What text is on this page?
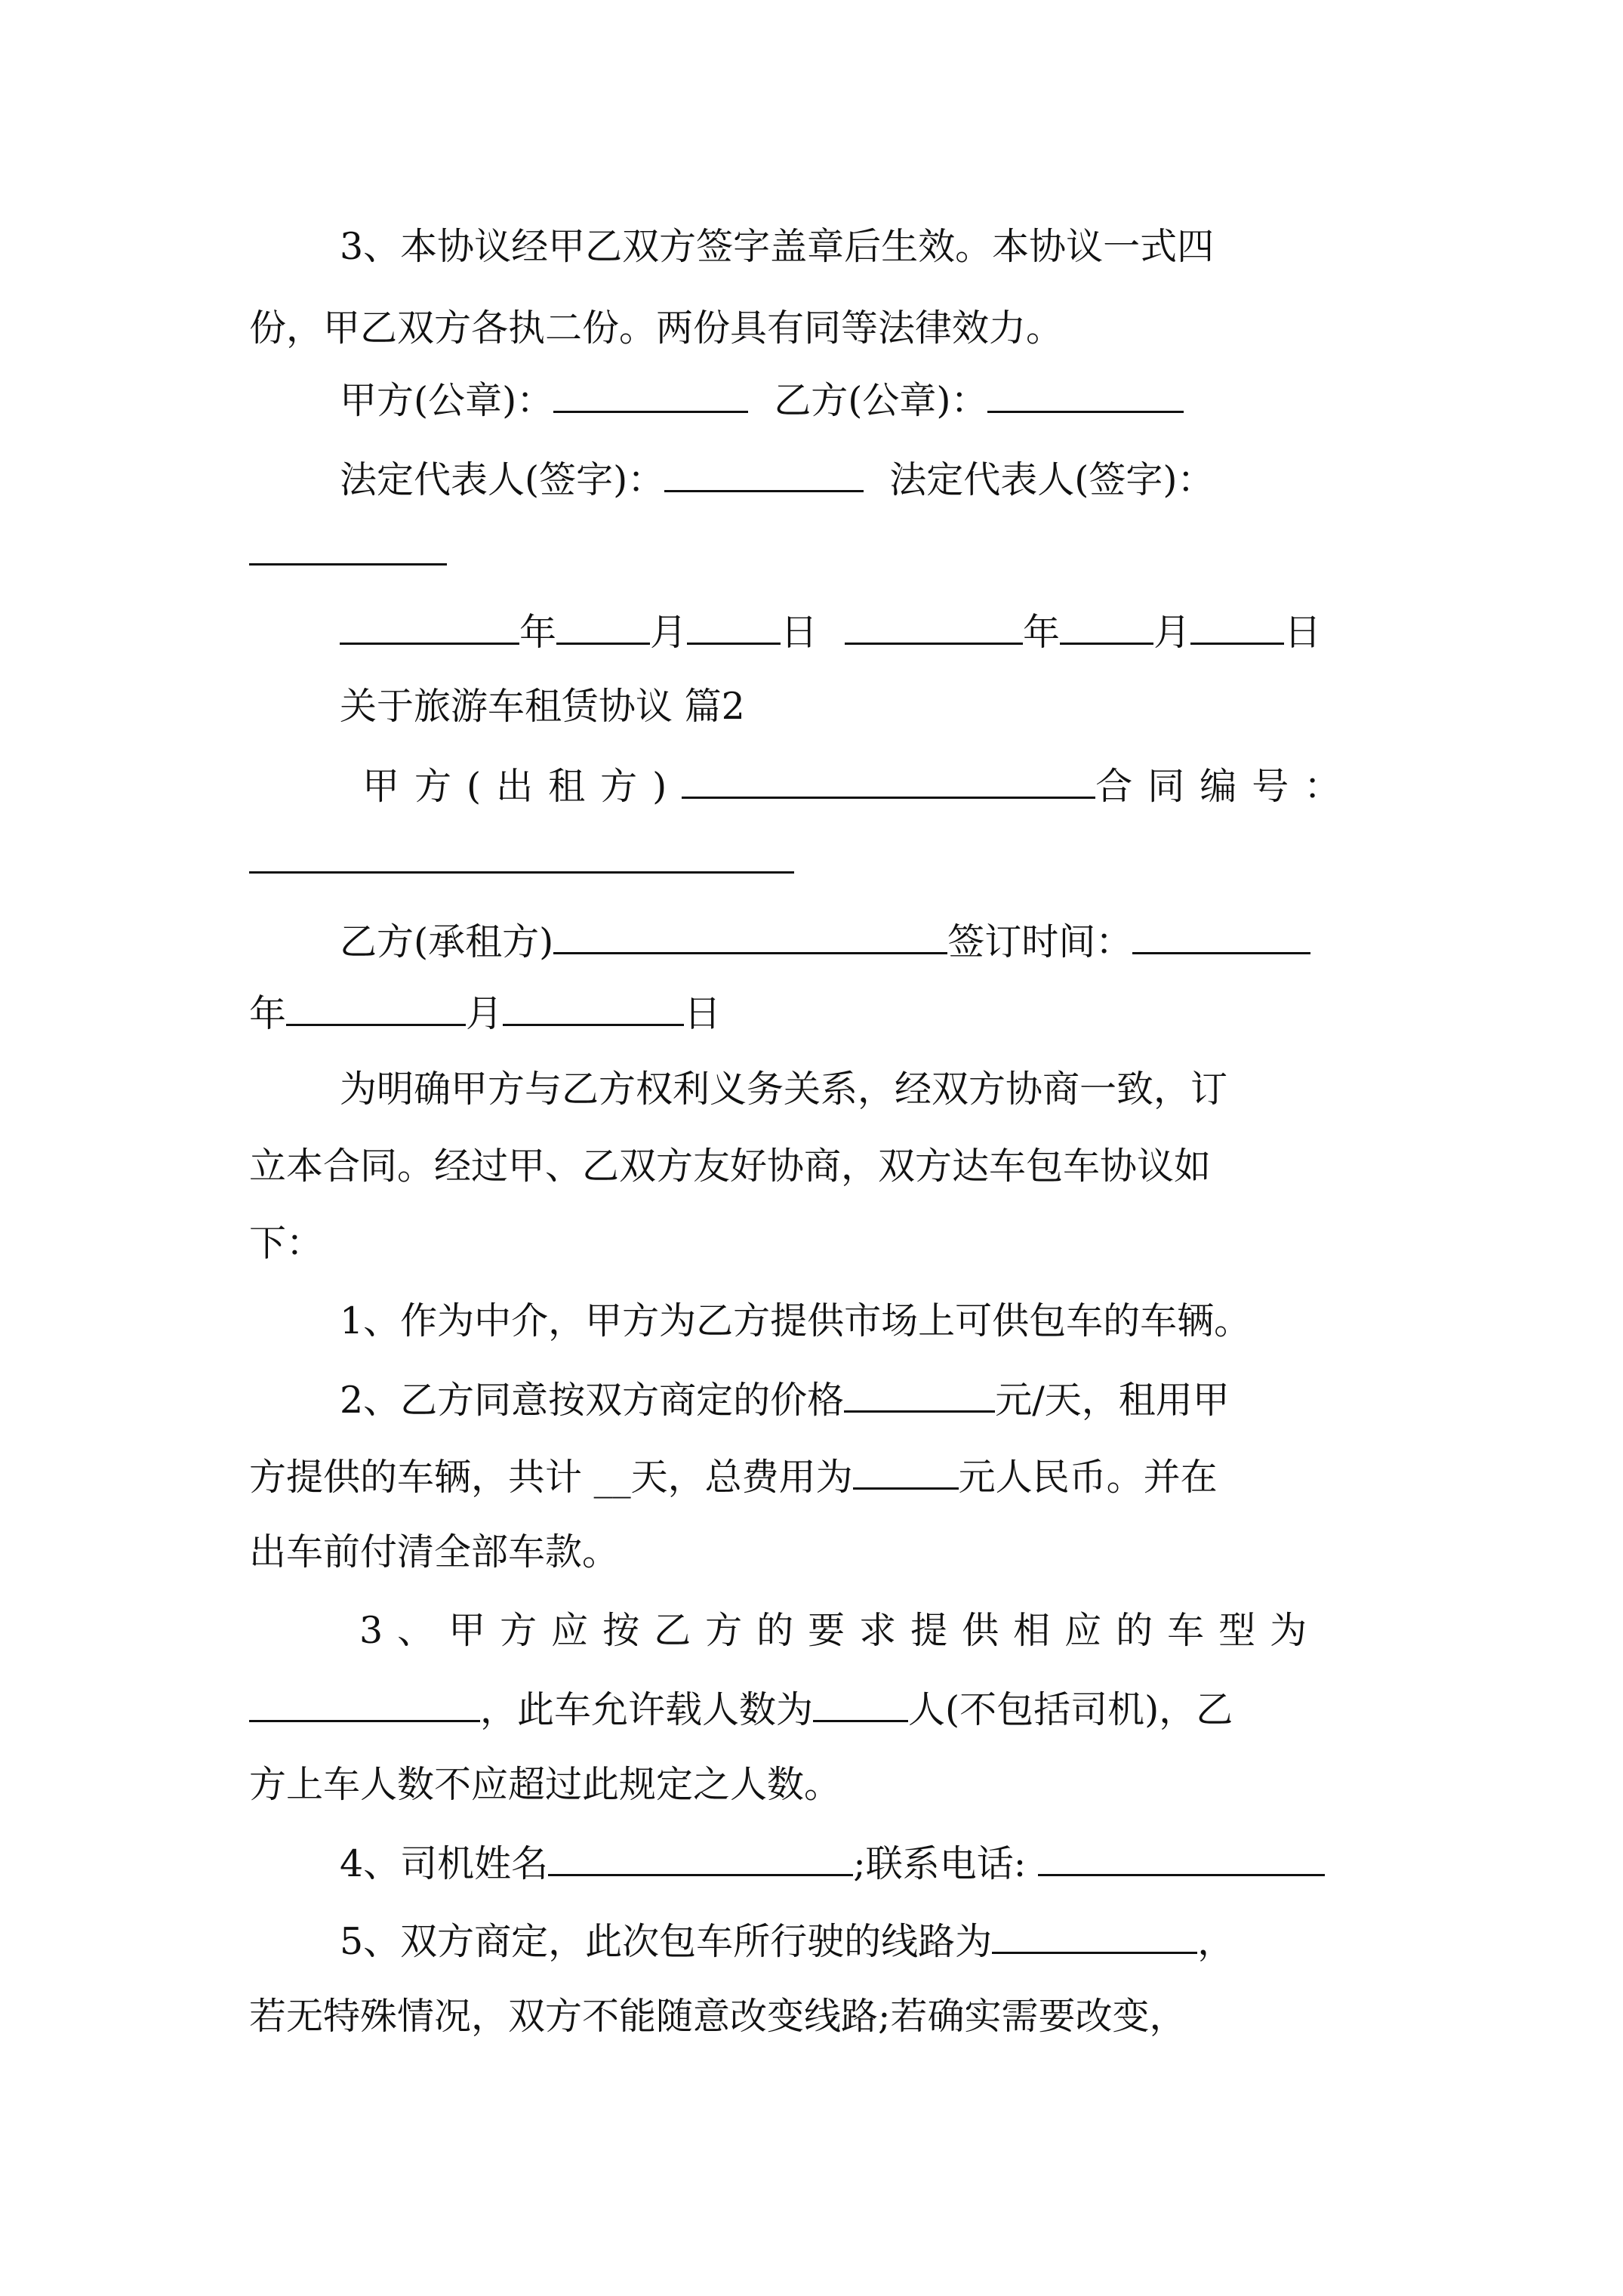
3、本协议经甲乙双方签字盖章后生效。本协议一式四
份，甲乙双方各执二份。两份具有同等法律效力。
甲方(公章)：	乙方(公章)：
法定代表人(签字)：	法定代表人(签字)：
年	月	日	年	月	日
关于旅游车租赁协议 篇2
甲方(出租方)	合同编号：
乙方(承租方)	签订时间：
年	月	日
为明确甲方与乙方权利义务关系，经双方协商一致，订
立本合同。经过甲、乙双方友好协商，双方达车包车协议如
下：
1、作为中介，甲方为乙方提供市场上可供包车的车辆。
2、乙方同意按双方商定的价格	元/天，租用甲
方提供的车辆，共计 __天，总费用为	元人民币。并在
出车前付清全部车款。
3、甲方应按乙方的要求提供相应的车型为
，此车允许载人数为	人(不包括司机)，乙
方上车人数不应超过此规定之人数。
4、司机姓名	;联系电话:
5、双方商定，此次包车所行驶的线路为	，
若无特殊情况，双方不能随意改变线路;若确实需要改变，
